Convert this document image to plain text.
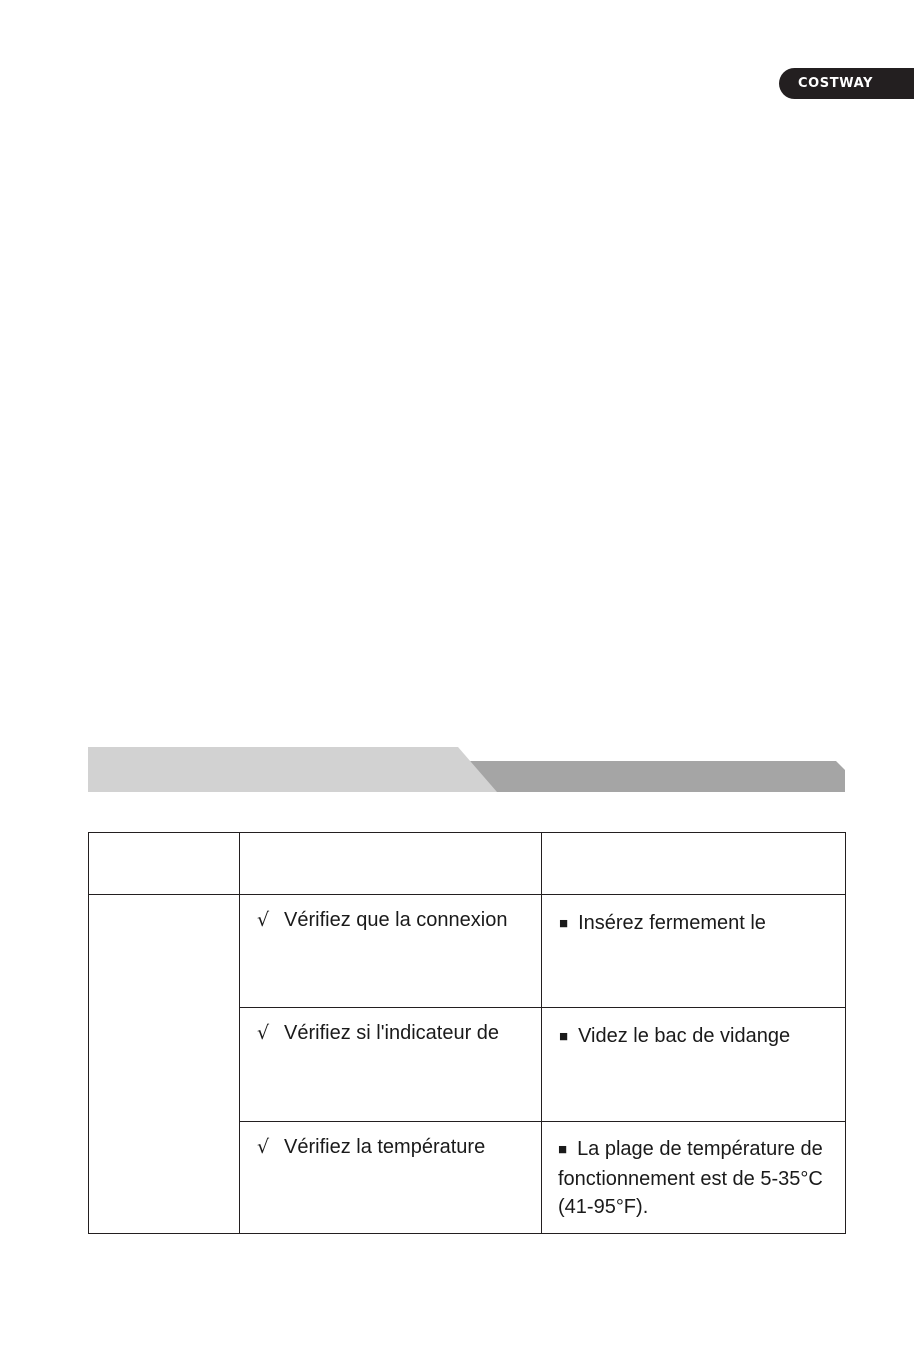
COSTWAY

	√ Vérifiez que la connexion	■ Insérez fermement le

	√ Vérifiez si l'indicateur de	■ Videz le bac de vidange

	√ Vérifiez la température	■ La plage de température de fonctionnement est de 5-35°C (41-95°F).
